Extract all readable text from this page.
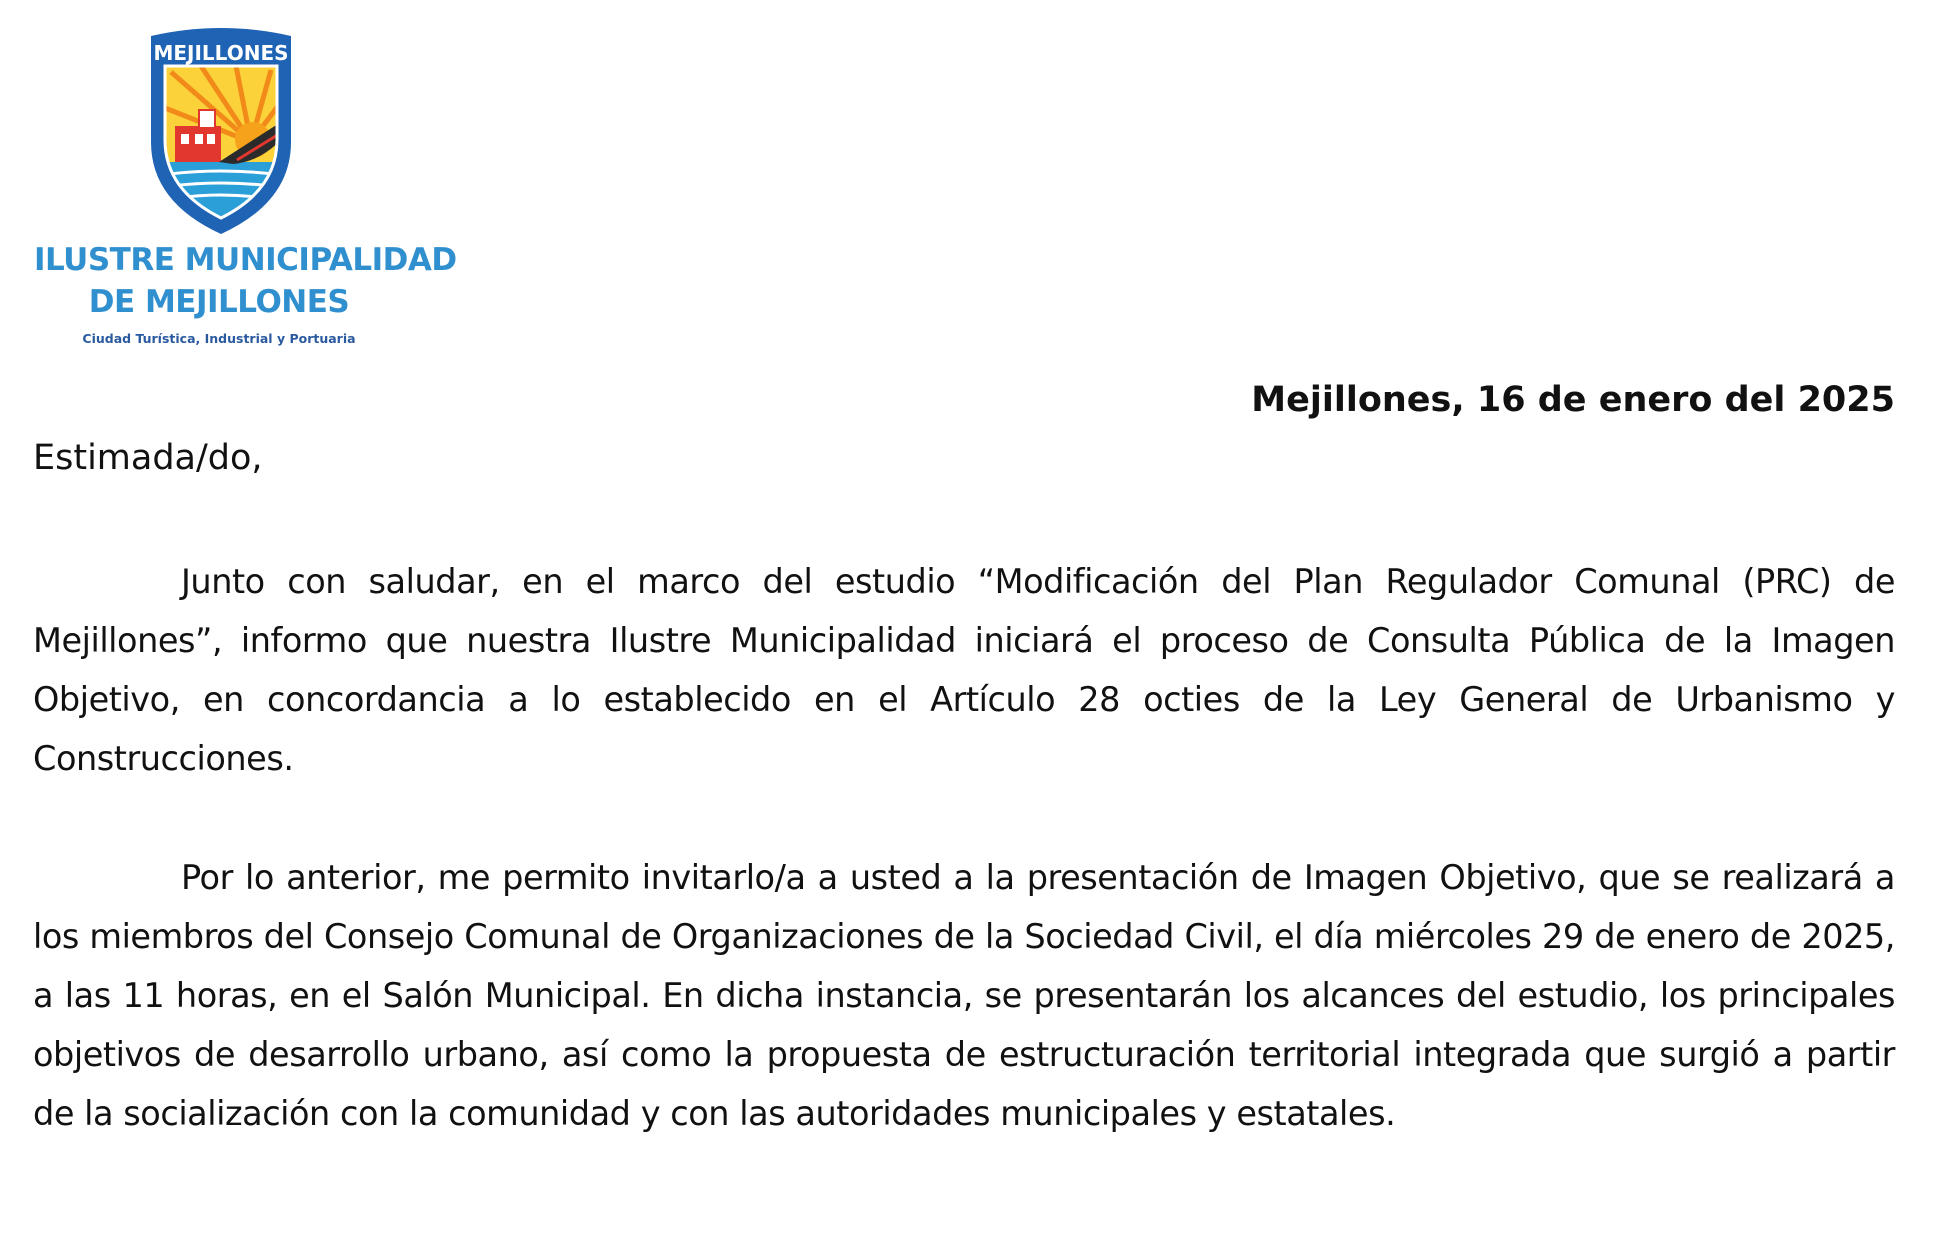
MEJILLONES
ILUSTRE MUNICIPALIDAD
DE MEJILLONES
Ciudad Turística, Industrial y Portuaria
Mejillones, 16 de enero del 2025
Estimada/do,

Junto con saludar, en el marco del estudio “Modificación del Plan Regulador Comunal (PRC) de Mejillones”, informo que nuestra Ilustre Municipalidad iniciará el proceso de Consulta Pública de la Imagen Objetivo, en concordancia a lo establecido en el Artículo 28 octies de la Ley General de Urbanismo y Construcciones.

Por lo anterior, me permito invitarlo/a a usted a la presentación de Imagen Objetivo, que se realizará a los miembros del Consejo Comunal de Organizaciones de la Sociedad Civil, el día miércoles 29 de enero de 2025, a las 11 horas, en el Salón Municipal. En dicha instancia, se presentarán los alcances del estudio, los principales objetivos de desarrollo urbano, así como la propuesta de estructuración territorial integrada que surgió a partir de la socialización con la comunidad y con las autoridades municipales y estatales.
